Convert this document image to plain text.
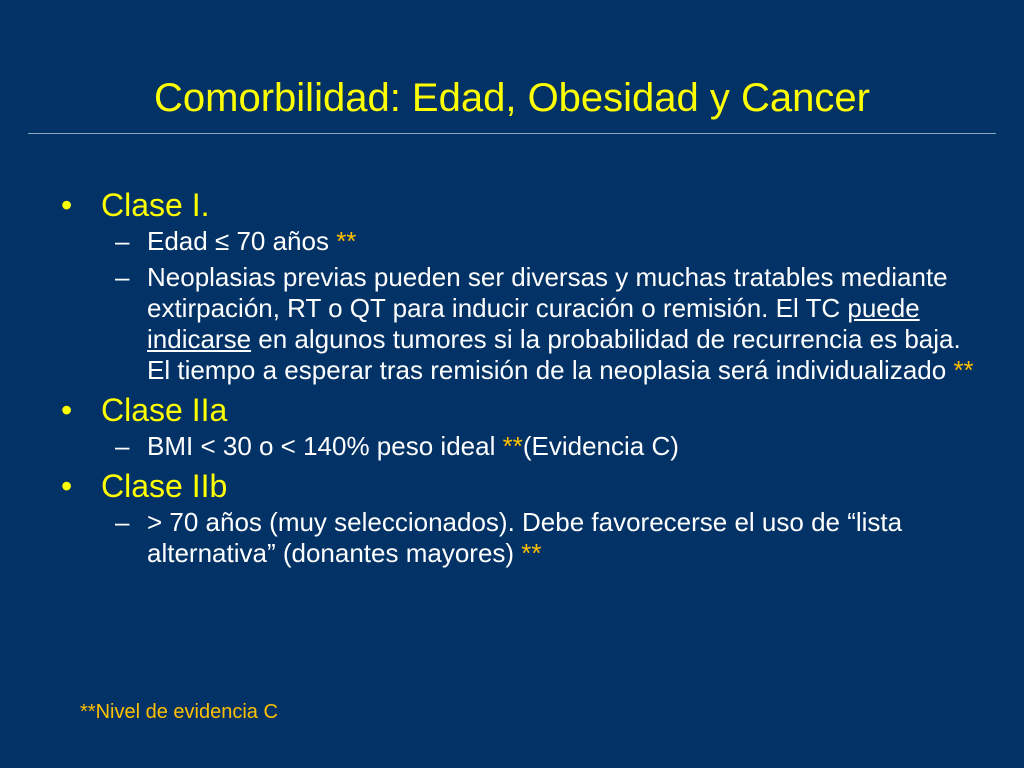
Comorbilidad: Edad, Obesidad y Cancer
• Clase I.
– Edad ≤ 70 años **
– Neoplasias previas pueden ser diversas y muchas tratables mediante extirpación, RT o QT para inducir curación o remisión. El TC puede indicarse en algunos tumores si la probabilidad de recurrencia es baja. El tiempo a esperar tras remisión de la neoplasia será individualizado **
• Clase IIa
– BMI < 30 o < 140% peso ideal **(Evidencia C)
• Clase IIb
– > 70 años (muy seleccionados). Debe favorecerse el uso de “lista alternativa” (donantes mayores) **
**Nivel de evidencia C
